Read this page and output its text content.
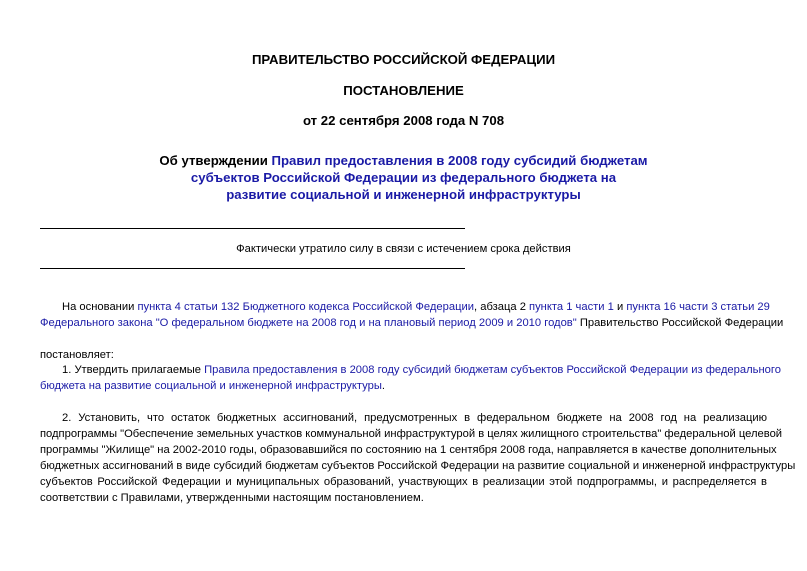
ПРАВИТЕЛЬСТВО РОССИЙСКОЙ ФЕДЕРАЦИИ
ПОСТАНОВЛЕНИЕ
от 22 сентября 2008 года N 708
Об утверждении Правил предоставления в 2008 году субсидий бюджетам
субъектов Российской Федерации из федерального бюджета на
развитие социальной и инженерной инфраструктуры
Фактически утратило силу в связи с истечением срока действия
На основании пункта 4 статьи 132 Бюджетного кодекса Российской Федерации, абзаца 2 пункта 1 части 1 и пункта 16 части 3 статьи 29
Федерального закона "О федеральном бюджете на 2008 год и на плановый период 2009 и 2010 годов" Правительство Российской Федерации
постановляет:
1. Утвердить прилагаемые Правила предоставления в 2008 году субсидий бюджетам субъектов Российской Федерации из федерального
бюджета на развитие социальной и инженерной инфраструктуры.
2. Установить, что остаток бюджетных ассигнований, предусмотренных в федеральном бюджете на 2008 год на реализацию
подпрограммы "Обеспечение земельных участков коммунальной инфраструктурой в целях жилищного строительства" федеральной целевой
программы "Жилище" на 2002-2010 годы, образовавшийся по состоянию на 1 сентября 2008 года, направляется в качестве дополнительных
бюджетных ассигнований в виде субсидий бюджетам субъектов Российской Федерации на развитие социальной и инженерной инфраструктуры
субъектов Российской Федерации и муниципальных образований, участвующих в реализации этой подпрограммы, и распределяется в
соответствии с Правилами, утвержденными настоящим постановлением.
